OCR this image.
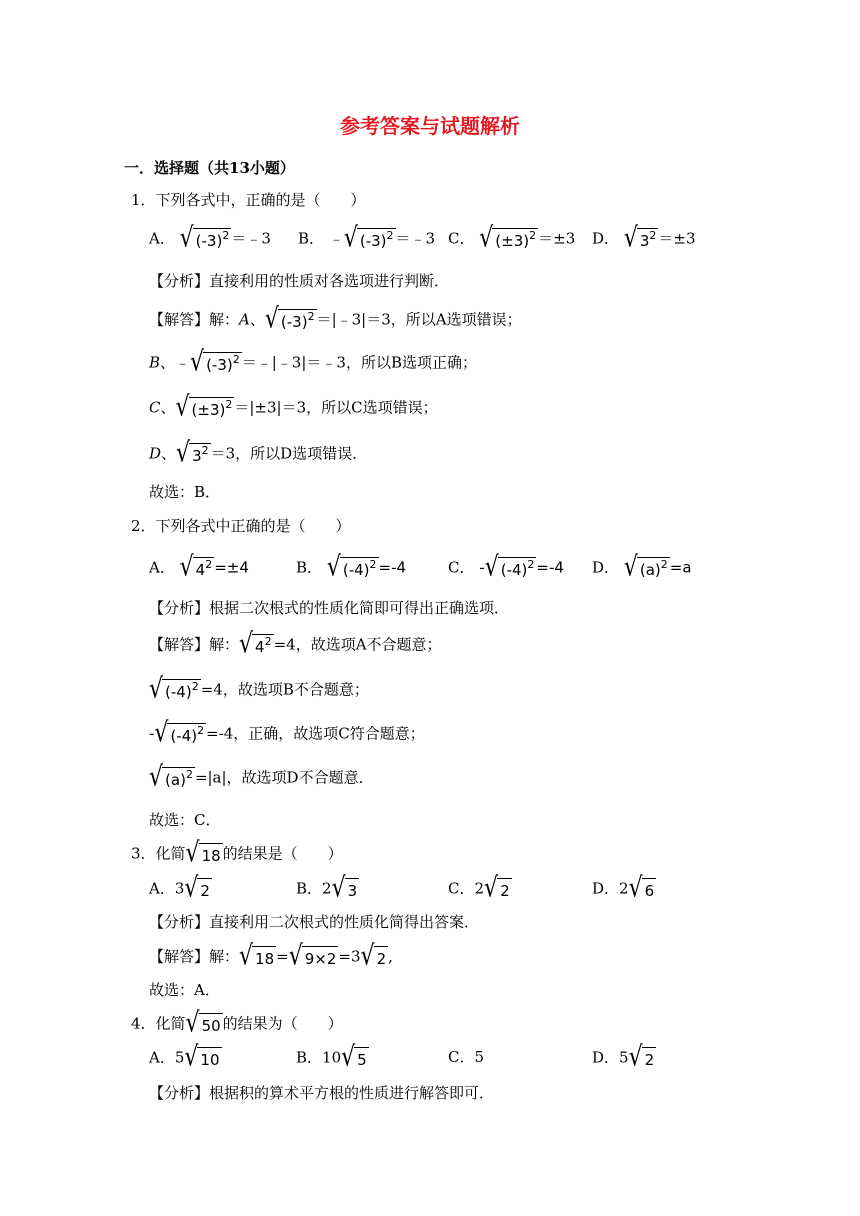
参考答案与试题解析
一．选择题（共13小题）
1．下列各式中，正确的是（　　）
A． √ $(-3)^2$ ＝﹣3 B． ﹣ √ $(-3)^2$ ＝﹣3 C． √ $(\pm 3)^2 =\pm 3$ D． √ $3^2 =\pm 3$
【分析】直接利用的性质对各选项进行判断．
【解答】解：A、 √ $(-3)^2$ ＝|﹣3|＝3，所以A选项错误；
B、﹣ √ $(-3)^2$ ＝﹣|﹣3|＝﹣3，所以B选项正确；
C、 √ $(\pm 3)^2 =|\pm 3|=3$，所以C选项错误；
D、 √ $3^2 =3$，所以D选项错误．
故选：B．
2．下列各式中正确的是（　　）
A． √ $4^2 =\pm 4$	B． √ $(-4)^2 =-4$	C． - √ $(-4)^2 =-4$ D． √ $(a)^2 =a$
【分析】根据二次根式的性质化简即可得出正确选项．
【解答】解： √ $4^2 =4$，故选项A不合题意；
√ $(-4)^2 =4$，故选项B不合题意；
- √ $(-4)^2 =-4$，正确，故选项C符合题意；
√ $(a)^2 =|a|$，故选项D不合题意．
故选：C．
3．化简 √ 18 的结果是（　　）
A．3 √ 2	B．2 √ 3	C．2 √ 2	D．2 √ 6
【分析】直接利用二次根式的性质化简得出答案．
【解答】解： √ 18 = √ 9×2 =3 √ 2 ,
故选：A．
4．化简 √ 50 的结果为（　　）
A．5 √ 10	B．10 √ 5	C．5	D．5 √ 2
【分析】根据积的算术平方根的性质进行解答即可．
